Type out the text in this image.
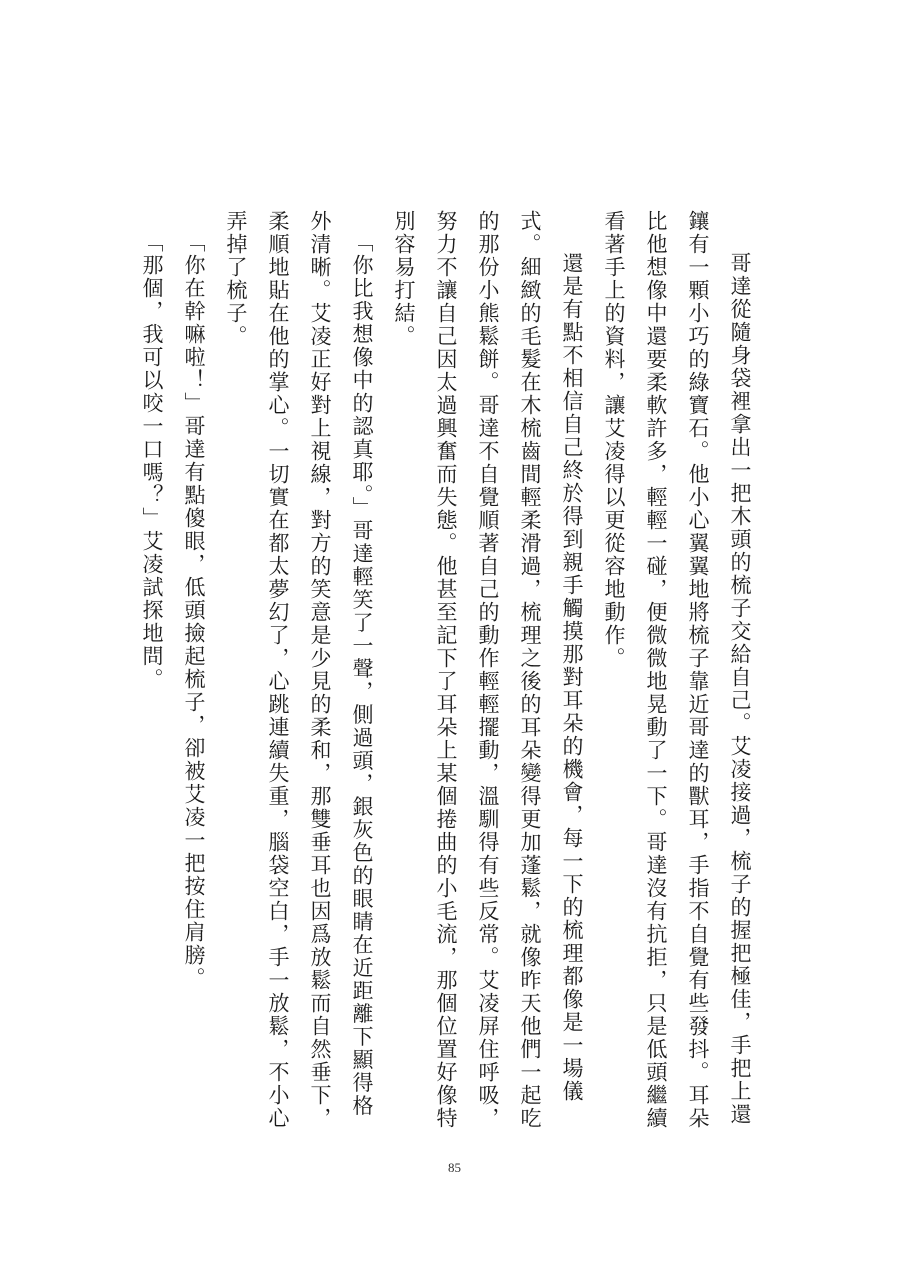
哥達從隨身袋裡拿出一把木頭的梳子交給自己。艾凌接過，梳子的握把極佳，手把上還鑲有一顆小巧的綠寶石。他小心翼翼地將梳子靠近哥達的獸耳，手指不自覺有些發抖。耳朵比他想像中還要柔軟許多，輕輕一碰，便微微地晃動了一下。哥達沒有抗拒，只是低頭繼續看著手上的資料，讓艾凌得以更從容地動作。

還是有點不相信自己終於得到親手觸摸那對耳朵的機會，每一下的梳理都像是一場儀式。細緻的毛髮在木梳齒間輕柔滑過，梳理之後的耳朵變得更加蓬鬆，就像昨天他們一起吃的那份小熊鬆餅。哥達不自覺順著自己的動作輕輕擺動，溫馴得有些反常。艾凌屏住呼吸，努力不讓自己因太過興奮而失態。他甚至記下了耳朵上某個捲曲的小毛流，那個位置好像特別容易打結。

「你比我想像中的認真耶。」哥達輕笑了一聲，側過頭，銀灰色的眼睛在近距離下顯得格外清晰。艾凌正好對上視線，對方的笑意是少見的柔和，那雙垂耳也因爲放鬆而自然垂下，柔順地貼在他的掌心。一切實在都太夢幻了，心跳連續失重，腦袋空白，手一放鬆，不小心弄掉了梳子。

「你在幹嘛啦！」哥達有點傻眼，低頭撿起梳子，卻被艾凌一把按住肩膀。

「那個，我可以咬一口嗎？」艾凌試探地問。

85
